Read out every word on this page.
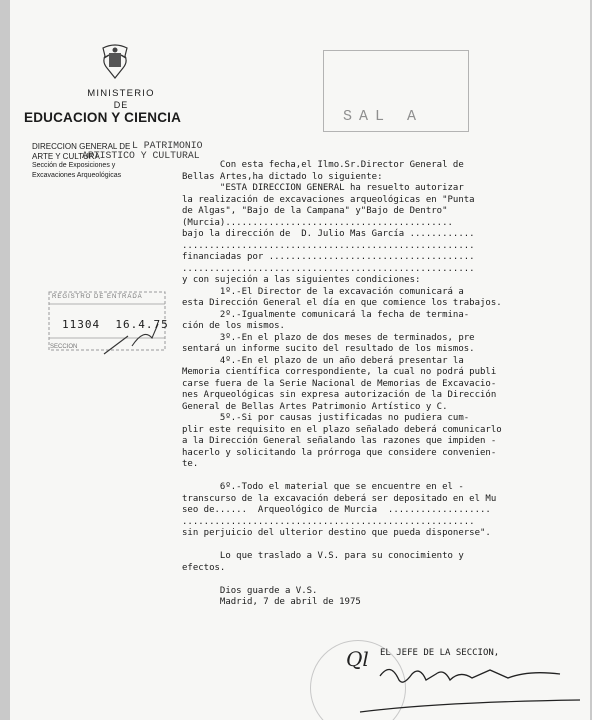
MINISTERIO
DE
EDUCACION Y CIENCIA	SAL A
DIRECCION GENERAL DE
ARTE Y CULTURA
Sección de Exposiciones y
Excavaciones Arqueológicas
L PATRIMONIO
ARTISTICO Y CULTURAL
REGISTRO DE ENTRADA
11304 16.4.75
SECCION
Con esta fecha,el Ilmo.Sr.Director General de
Bellas Artes,ha dictado lo siguiente:
"ESTA DIRECCION GENERAL ha resuelto autorizar
la realización de excavaciones arqueológicas en "Punta
de Algas", "Bajo de la Campana" y"Bajo de Dentro"
(Murcia)..........................................
bajo la dirección de  D. Julio Mas García ............
......................................................
financiadas por ......................................
......................................................
y con sujeción a las siguientes condiciones:
1º.-El Director de la excavación comunicará a
esta Dirección General el día en que comience los trabajos.
2º.-Igualmente comunicará la fecha de termina-
ción de los mismos.
3º.-En el plazo de dos meses de terminados, pre
sentará un informe sucito del resultado de los mismos.
4º.-En el plazo de un año deberá presentar la
Memoria científica correspondiente, la cual no podrá publi
carse fuera de la Serie Nacional de Memorias de Excavacio-
nes Arqueológicas sin expresa autorización de la Dirección
General de Bellas Artes Patrimonio Artístico y C.
5º.-Si por causas justificadas no pudiera cum-
plir este requisito en el plazo señalado deberá comunicarlo
a la Dirección General señalando las razones que impiden -
hacerlo y solicitando la prórroga que considere convenien-
te.
6º.-Todo el material que se encuentre en el -
transcurso de la excavación deberá ser depositado en el Mu
seo de......  Arqueológico de Murcia  ...................
......................................................
sin perjuicio del ulterior destino que pueda disponerse".
Lo que traslado a V.S. para su conocimiento y
efectos.
Dios guarde a V.S.
Madrid, 7 de abril de 1975
EL JEFE DE LA SECCION,
Ql
